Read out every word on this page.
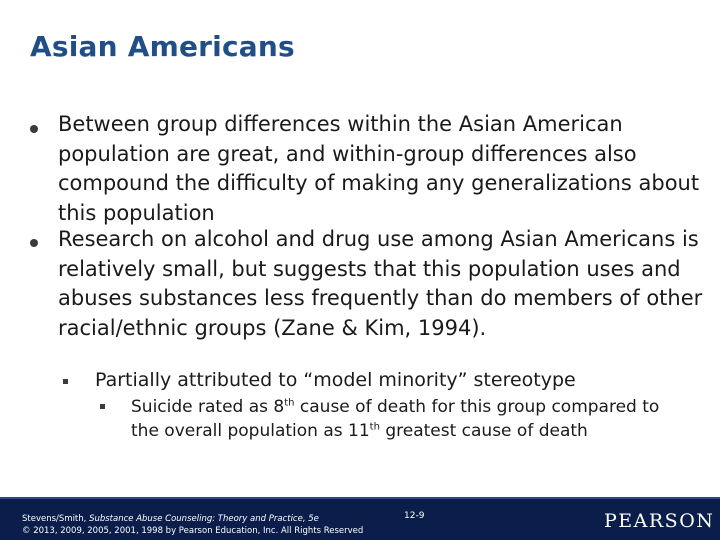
Asian Americans
Between group differences within the Asian American population are great, and within-group differences also compound the difficulty of making any generalizations about this population
Research on alcohol and drug use among Asian Americans is relatively small, but suggests that this population uses and abuses substances less frequently than do members of other racial/ethnic groups (Zane & Kim, 1994).
Partially attributed to “model minority” stereotype
Suicide rated as 8th cause of death for this group compared to the overall population as 11th greatest cause of death
Stevens/Smith, Substance Abuse Counseling: Theory and Practice, 5e
© 2013, 2009, 2005, 2001, 1998 by Pearson Education, Inc. All Rights Reserved
12-9	PEARSON
